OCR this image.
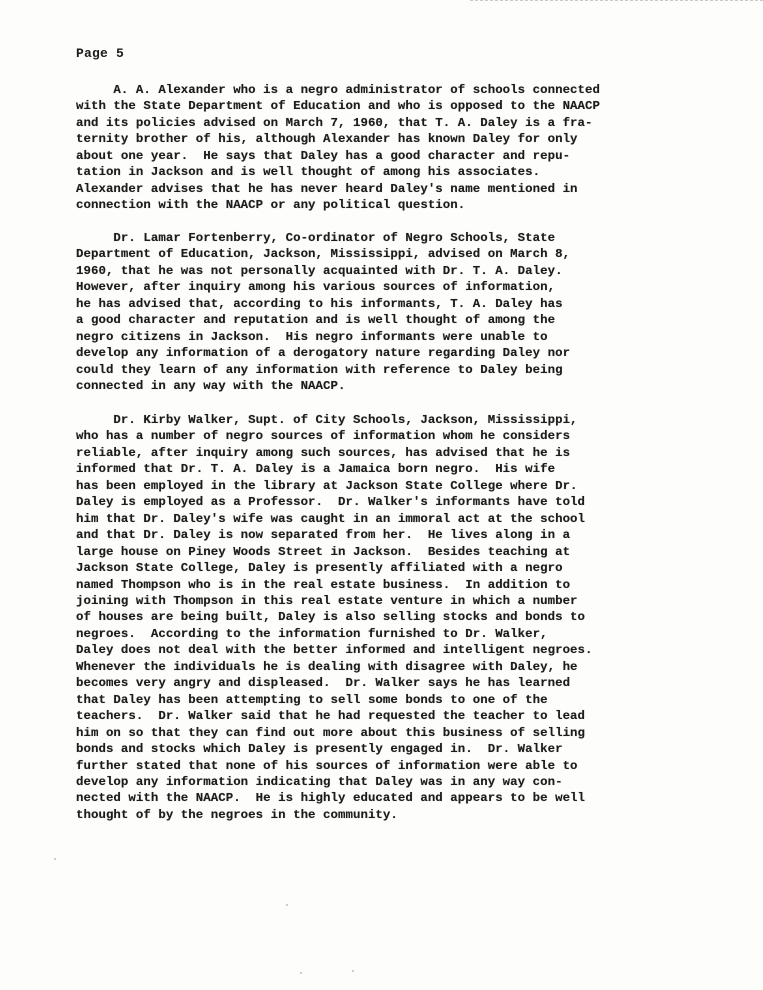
Page 5
A. A. Alexander who is a negro administrator of schools connected
with the State Department of Education and who is opposed to the NAACP
and its policies advised on March 7, 1960, that T. A. Daley is a fra-
ternity brother of his, although Alexander has known Daley for only
about one year.  He says that Daley has a good character and repu-
tation in Jackson and is well thought of among his associates.
Alexander advises that he has never heard Daley's name mentioned in
connection with the NAACP or any political question.
Dr. Lamar Fortenberry, Co-ordinator of Negro Schools, State
Department of Education, Jackson, Mississippi, advised on March 8,
1960, that he was not personally acquainted with Dr. T. A. Daley.
However, after inquiry among his various sources of information,
he has advised that, according to his informants, T. A. Daley has
a good character and reputation and is well thought of among the
negro citizens in Jackson.  His negro informants were unable to
develop any information of a derogatory nature regarding Daley nor
could they learn of any information with reference to Daley being
connected in any way with the NAACP.
Dr. Kirby Walker, Supt. of City Schools, Jackson, Mississippi,
who has a number of negro sources of information whom he considers
reliable, after inquiry among such sources, has advised that he is
informed that Dr. T. A. Daley is a Jamaica born negro.  His wife
has been employed in the library at Jackson State College where Dr.
Daley is employed as a Professor.  Dr. Walker's informants have told
him that Dr. Daley's wife was caught in an immoral act at the school
and that Dr. Daley is now separated from her.  He lives along in a
large house on Piney Woods Street in Jackson.  Besides teaching at
Jackson State College, Daley is presently affiliated with a negro
named Thompson who is in the real estate business.  In addition to
joining with Thompson in this real estate venture in which a number
of houses are being built, Daley is also selling stocks and bonds to
negroes.  According to the information furnished to Dr. Walker,
Daley does not deal with the better informed and intelligent negroes.
Whenever the individuals he is dealing with disagree with Daley, he
becomes very angry and displeased.  Dr. Walker says he has learned
that Daley has been attempting to sell some bonds to one of the
teachers.  Dr. Walker said that he had requested the teacher to lead
him on so that they can find out more about this business of selling
bonds and stocks which Daley is presently engaged in.  Dr. Walker
further stated that none of his sources of information were able to
develop any information indicating that Daley was in any way con-
nected with the NAACP.  He is highly educated and appears to be well
thought of by the negroes in the community.
